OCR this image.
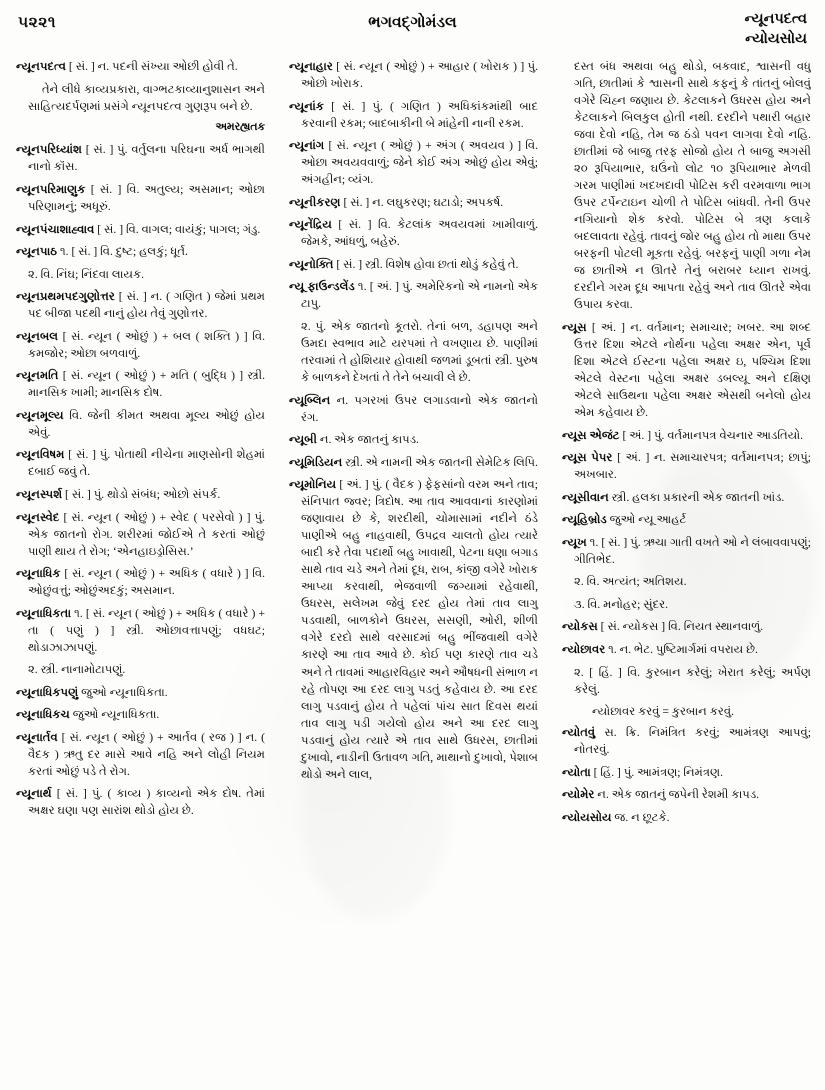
૫૨૨૧	ભગવદ્ગોમંડલ	ન્યૂનપદત્વ
ન્યોયસોય
ન્યૂનપદત્વ [ સં. ] ન. પદની સંખ્યા ઓછી હોવી તે.
તેને લીધે કાવ્યપ્રકારા, વાગ્ભટકાવ્યાનુશાસન અને સાહિત્યદર્પણમાં પ્રસંગે ન્યૂનપદત્વ ગુણરૂપ બને છે.
અમરહ્યતક
ન્યૂનપરિધ્યાંશ [ સં. ] પું. વર્તુલના પરિઘના અર્ધ ભાગથી નાનો કૉંસ.
ન્યૂનપરિમાણુક [ સં. ] વિ. અતુલ્ય; અસમાન; ઓછા પરિણામનું; અધૂરું.
ન્યૂનપંચાશાહ્વાવ [ સં. ] વિ. વાગલ; વાયંકું; પાગલ; ગંડુ.
ન્યૂનપાઠ ૧. [ સં. ] વિ. દુષ્ટ; હલકું; ધૂર્ત.
૨. વિ. નિંઘ; નિંદવા લાયક.
ન્યૂનપ્રથમપદગુણોત્તર [ સં. ] ન. ( ગણિત ) જેમાં પ્રથમ પદ બીજા પદથી નાનું હોય તેવું ગુણોત્તર.
ન્યૂનબલ [ સં. ન્યૂન ( ઓછું ) + બલ ( શક્તિ ) ] વિ. કમજોર; ઓછા બળવાળું.
ન્યૂનમતિ [ સં. ન્યૂન ( ઓછું ) + મતિ ( બુદ્ધિ ) ] સ્ત્રી. માનસિક ખામી; માનસિક દોષ.
ન્યૂનમૂલ્ય વિ. જેની કીમત અથવા મૂલ્ય ઓછું હોય એવું.
ન્યૂનવિષમ [ સં. ] પું. પોતાથી નીચેના માણસોની શેહમાં દબાઈ જવું તે.
ન્યૂનસ્પર્શ [ સં. ] પું. થોડો સંબંધ; ઓછો સંપર્ક.
ન્યૂનસ્વેદ [ સં. ન્યૂન ( ઓછું ) + સ્વેદ ( પરસેવો ) ] પું. એક જાતનો રોગ. શરીરમાં જોઈએ તે કરતાં ઓછું પાણી થાય તે રોગ; ‘એનહાઇડ્રોસિસ.’
ન્યૂનાધિક [ સં. ન્યૂન ( ઓછું ) + અધિક ( વધારે ) ] વિ. ઓછુંવત્તું; ઓછુંઅદકું; અસમાન.
ન્યૂનાધિકતા ૧. [ સં. ન્યૂન ( ઓછું ) + અધિક ( વધારે ) + તા ( પણું ) ] સ્ત્રી. ઓછાવત્તાપણું; વધઘટ; થોડાઝાઝાપણું.
૨. સ્ત્રી. નાનામોટાપણું.
ન્યૂનાધિકપણું જુઓ ન્યૂનાધિકતા.
ન્યૂનાધિકચ જુઓ ન્યૂનાધિકતા.
ન્યૂનાર્તવ [ સં. ન્યૂન ( ઓછું ) + આર્તવ ( રજ ) ] ન. ( વૈદક ) ઋતુ દર માસે આવે નહિ અને લોહી નિયમ કરતાં ઓછું પડે તે રોગ.
ન્યૂનાર્થ [ સં. ] પું. ( કાવ્ય ) કાવ્યનો એક દોષ. તેમાં અક્ષર ઘણા પણ સારાંશ થોડો હોય છે.
ન્યૂનાહાર [ સં. ન્યૂન ( ઓછું ) + આહાર ( ખોરાક ) ] પું. ઓછો ખોરાક.
ન્યૂનાંક [ સં. ] પું. ( ગણિત ) અધિકાંકમાંથી બાદ કરવાની રકમ; બાદબાકીની બે માંહેની નાની રકમ.
ન્યૂનાંગ [ સં. ન્યૂન ( ઓછું ) + અંગ ( અવયવ ) ] વિ. ઓછા અવયવવાળું; જેને કોઈ અંગ ઓછું હોય એવું; અંગહીન; વ્યંગ.
ન્યૂનીકરણ [ સં. ] ન. લઘુકરણ; ઘટાડો; અપકર્ષ.
ન્યૂનેંદ્રિય [ સં. ] વિ. કેટલાંક અવયવમાં ખામીવાળું. જેમકે, આંધળું, બહેરું.
ન્યૂનોક્તિ [ સં. ] સ્ત્રી. વિશેષ હોવા છતાં થોડું કહેવું તે.
ન્યૂ ફાઉન્ડલેંડ ૧. [ અં. ] પું. અમેરિકનો એ નામનો એક ટાપુ.
૨. પું. એક જાતનો કૂતરો. તેનાં બળ, ડહાપણ અને ઉમદા સ્વભાવ માટે યરપમાં તે વખણાય છે. પાણીમાં તરવામાં તે હોશિયાર હોવાથી જળમાં ડૂબતાં સ્ત્રી. પુરુષ કે બાળકને દેખતાં તે તેને બચાવી લે છે.
ન્યૂબ્લિન ન. પગરખાં ઉપર લગાડવાનો એક જાતનો રંગ.
ન્યૂબી ન. એક જાતનું કાપડ.
ન્યૂમિડિયન સ્ત્રી. એ નામની એક જાતની સેમેટિક લિપિ.
ન્યૂમોનિય [ અં. ] પું. ( વૈદક ) ફેફસાંનો વરમ અને તાવ; સંનિપાત જ્વર; ત્રિદોષ. આ તાવ આવવાનાં કારણોમાં જણાવાય છે કે, શરદીથી, ચોમાસામાં નદીને ઠંડે પાણીએ બહુ નાહવાથી, ઉપદ્રવ ચાલતો હોય ત્યારે બાદી કરે તેવા પદાર્થો બહુ ખાવાથી, પેટના ધણા બગાડ સાથે તાવ ચડે અને તેમાં દૂધ, રાબ, કાંજી વગેરે ખોરાક આપ્યા કરવાથી, ભેજવાળી જગ્યામાં રહેવાથી, ઉધરસ, સલેખમ જેવું દરદ હોય તેમાં તાવ લાગુ પડવાથી, બાળકોને ઉધરસ, સસણી, ઓરી, શીળી વગેરે દરદો સાથે વરસાદમાં બહુ ભીંજવાથી વગેરે કારણે આ તાવ આવે છે. કોઈ પણ કારણે તાવ ચડે અને તે તાવમાં આહારવિહાર અને ઔષધની સંભાળ ન રહે તોપણ આ દરદ લાગુ પડતું કહેવાય છે. આ દરદ લાગુ પડવાનું હોય તે પહેલાં પાંચ સાત દિવસ થયાં તાવ લાગુ પડી ગયેલો હોય અને આ દરદ લાગુ પડવાનું હોય ત્યારે એ તાવ સાથે ઉધરસ, છાતીમાં દુખાવો, નાડીની ઉતાવળ ગતિ, માથાનો દુખાવો, પેશાબ થોડો અને લાલ,
દસ્ત બંધ અથવા બહુ થોડો, બકવાદ, શ્વાસની વધુ ગતિ, છાતીમાં કે શ્વાસની સાથે કફનું કે તાંતનું બોલવું વગેરે ચિહ્ન જણાય છે. કેટલાકને ઉધરસ હોય અને કેટલાકને બિલકુલ હોતી નથી. દરદીને પથારી બહાર જવા દેવો નહિ, તેમ જ ઠંડો પવન લાગવા દેવો નહિ. છાતીમાં જે બાજુ તરફ સોજો હોય તે બાજુ અગસી ૨૦ રૂપિયાભાર, ઘઉંનો લોટ ૧૦ રૂપિયાભાર મેળવી ગરમ પાણીમાં ખદખદાવી પોટિસ કરી વરમવાળા ભાગ ઉપર ટર્પેન્ટાઇન ચોળી તે પોટિસ બાંધવી. તેની ઉપર નગિયાનો શેક કરવો. પોટિસ બે ત્રણ કલાકે બદલાવતા રહેવું. તાવનું જોર બહુ હોય તો માથા ઉપર બરફની પોટલી મૂકતા રહેવું. બરફનું પાણી ગળા નેમ જ છાતીએ ન ઊતરે તેનું બરાબર ધ્યાન રાખવું. દરદીને ગરમ દૂધ આપતા રહેવું અને તાવ ઊતરે એવા ઉપાય કરવા.
ન્યૂસ [ અં. ] ન. વર્તમાન; સમાચાર; ખબર. આ શબ્દ ઉત્તર દિશા એટલે નોર્થના પહેલા અક્ષર એન, પૂર્વ દિશા એટલે ઈસ્ટના પહેલા અક્ષર ઇ, પશ્ચિમ દિશા એટલે વેસ્ટના પહેલા અક્ષર ડબલ્યૂ અને દક્ષિણ એટલે સાઉથના પહેલા અક્ષર એસથી બનેલો હોય એમ કહેવાય છે.
ન્યૂસ એજંટ [ અં. ] પું. વર્તમાનપત્ર વેચનાર આડતિયો.
ન્યૂસ પેપર [ અં. ] ન. સમાચારપત્ર; વર્તમાનપત્ર; છાપું; અખબાર.
ન્યૂસીવાન સ્ત્રી. હલકા પ્રકારની એક જાતની ખાંડ.
ન્યૂહિબ્રોડ જુઓ ન્યૂ આહર્ટ
ન્યૂખ ૧. [ સં. ] પું. ઋચા ગાતી વખતે ઓ ને લંબાવવાપણું; ગીતિભેદ.
૨. વિ. અત્યંત; અતિશય.
૩. વિ. મનોહર; સુંદર.
ન્યોકસ [ સં. ન્યોકસ ] વિ. નિયત સ્થાનવાળું.
ન્યોછાવર ૧. ન. ભેટ. પુષ્ટિમાર્ગમાં વપરાય છે.
૨. [ હિં. ] વિ. કુરબાન કરેલું; ખેરાત કરેલું; અર્પણ કરેલું.
ન્યોછાવર કરવું = કુરબાન કરવું.
ન્યોતવું સ. ક્રિ. નિમંત્રિત કરવું; આમંત્રણ આપવું; નોતરવું.
ન્યોતા [ હિં. ] પું. આમંત્રણ; નિમંત્રણ.
ન્યોમેર ન. એક જાતનું જપેની રેશમી કાપડ.
ન્યોયસોય જ. ન છૂટકે.
